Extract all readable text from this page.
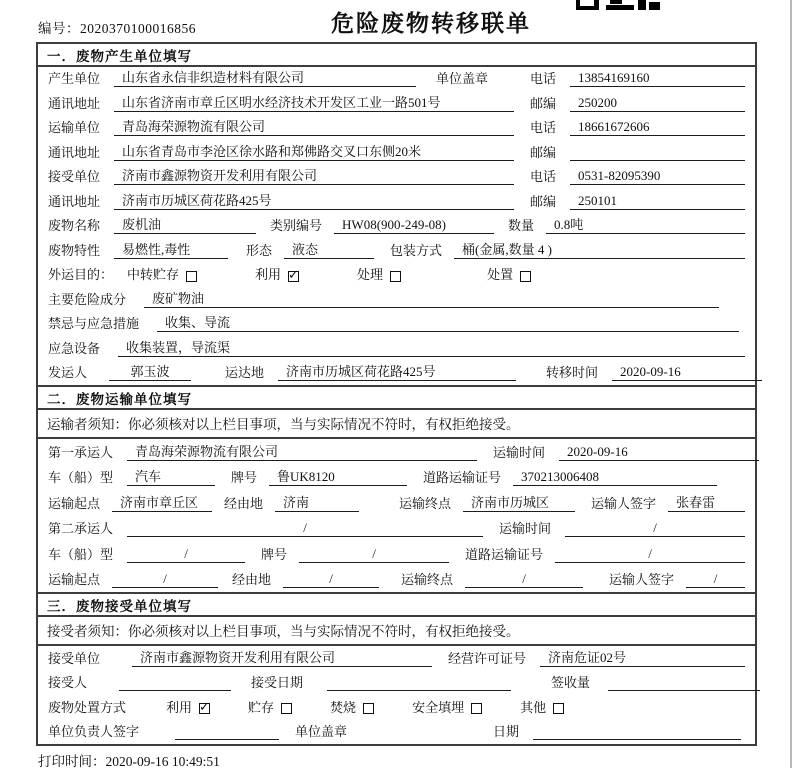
编号：2020370100016856	危险废物转移联单
一．废物产生单位填写
产生单位	山东省永信非织造材料有限公司	单位盖章	电话	13854169160
通讯地址	山东省济南市章丘区明水经济技术开发区工业一路501号	邮编	250200
运输单位	青岛海荣源物流有限公司	电话	18661672606
通讯地址	山东省青岛市李沧区徐水路和郑佛路交叉口东侧20米	邮编
接受单位	济南市鑫源物资开发利用有限公司	电话	0531-82095390
通讯地址	济南市历城区荷花路425号	邮编	250101
废物名称	废机油	类别编号	HW08(900-249-08)	数量	0.8吨
废物特性	易燃性,毒性	形态	液态	包装方式	桶(金属,数量 4 )
外运目的： 中转贮存	利用 ✓	处理	处置
主要危险成分	废矿物油
禁忌与应急措施	收集、导流
应急设备	收集装置，导流渠
发运人	郭玉波	运达地	济南市历城区荷花路425号	转移时间	2020-09-16
二．废物运输单位填写
运输者须知：你必须核对以上栏目事项，当与实际情况不符时，有权拒绝接受。
第一承运人	青岛海荣源物流有限公司	运输时间	2020-09-16
车（船）型	汽车	牌号	鲁UK8120	道路运输证号	370213006408
运输起点	济南市章丘区	经由地	济南	运输终点	济南市历城区	运输人签字	张春雷
第二承运人	/	运输时间	/
车（船）型	/	牌号	/	道路运输证号	/
运输起点	/	经由地	/	运输终点	/	运输人签字	/
三．废物接受单位填写
接受者须知：你必须核对以上栏目事项，当与实际情况不符时，有权拒绝接受。
接受单位	济南市鑫源物资开发利用有限公司	经营许可证号	济南危证02号
接受人	接受日期	签收量
废物处置方式	利用 ✓	贮存	焚烧	安全填埋	其他
单位负责人签字	单位盖章	日期
打印时间：2020-09-16 10:49:51
